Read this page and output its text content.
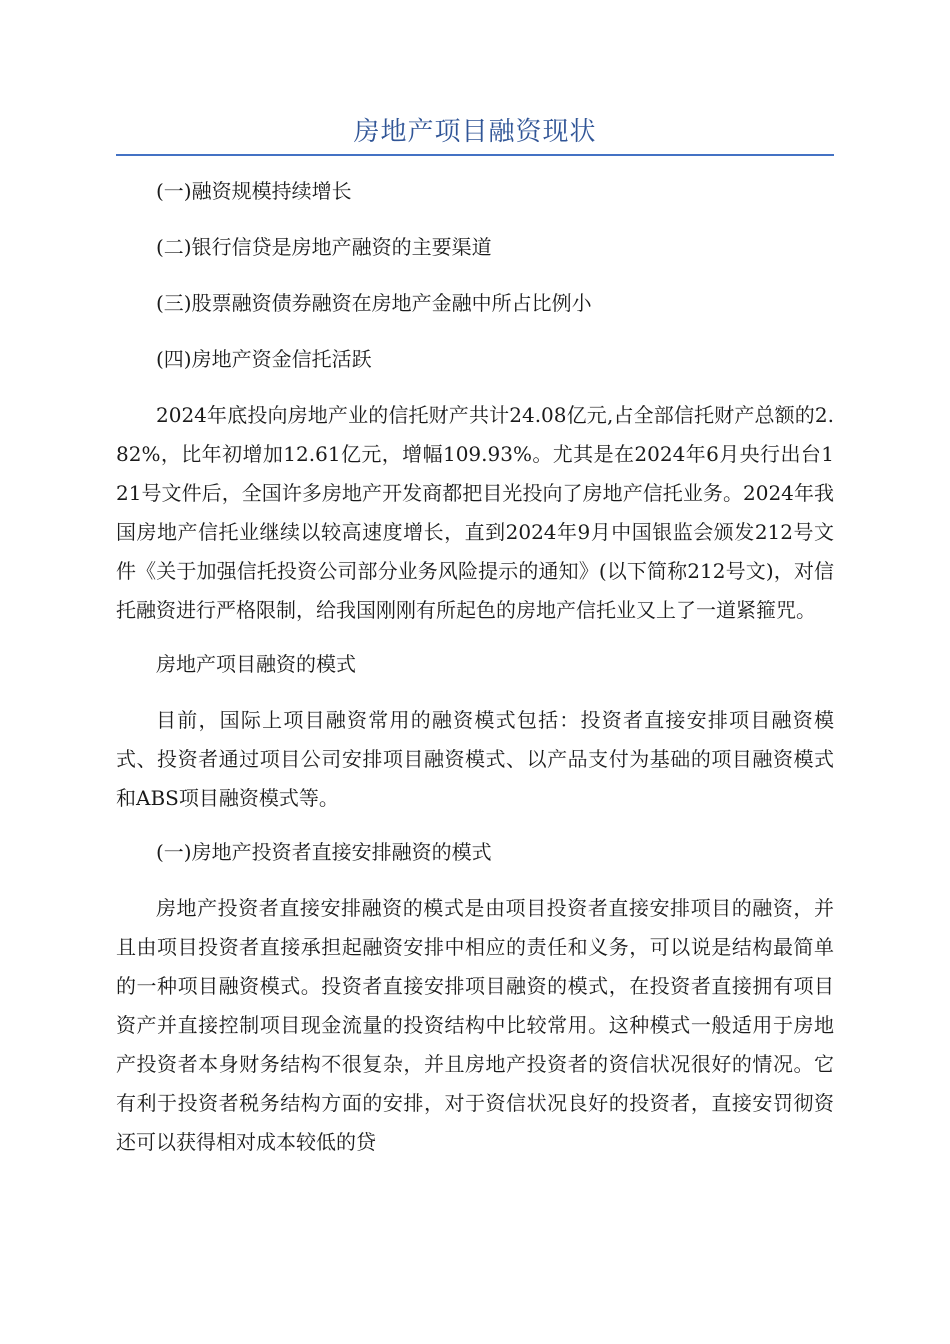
房地产项目融资现状

(一)融资规模持续增长

(二)银行信贷是房地产融资的主要渠道

(三)股票融资债券融资在房地产金融中所占比例小

(四)房地产资金信托活跃

2024年底投向房地产业的信托财产共计24.08亿元,占全部信托财产总额的2.82%，比年初增加12.61亿元，增幅109.93%。尤其是在2024年6月央行出台121号文件后，全国许多房地产开发商都把目光投向了房地产信托业务。2024年我国房地产信托业继续以较高速度增长，直到2024年9月中国银监会颁发212号文件《关于加强信托投资公司部分业务风险提示的通知》(以下简称212号文)，对信托融资进行严格限制，给我国刚刚有所起色的房地产信托业又上了一道紧箍咒。

房地产项目融资的模式

目前，国际上项目融资常用的融资模式包括：投资者直接安排项目融资模式、投资者通过项目公司安排项目融资模式、以产品支付为基础的项目融资模式和ABS项目融资模式等。

(一)房地产投资者直接安排融资的模式

房地产投资者直接安排融资的模式是由项目投资者直接安排项目的融资，并且由项目投资者直接承担起融资安排中相应的责任和义务，可以说是结构最简单的一种项目融资模式。投资者直接安排项目融资的模式，在投资者直接拥有项目资产并直接控制项目现金流量的投资结构中比较常用。这种模式一般适用于房地产投资者本身财务结构不很复杂，并且房地产投资者的资信状况很好的情况。它有利于投资者税务结构方面的安排，对于资信状况良好的投资者，直接安罚彻资还可以获得相对成本较低的贷
